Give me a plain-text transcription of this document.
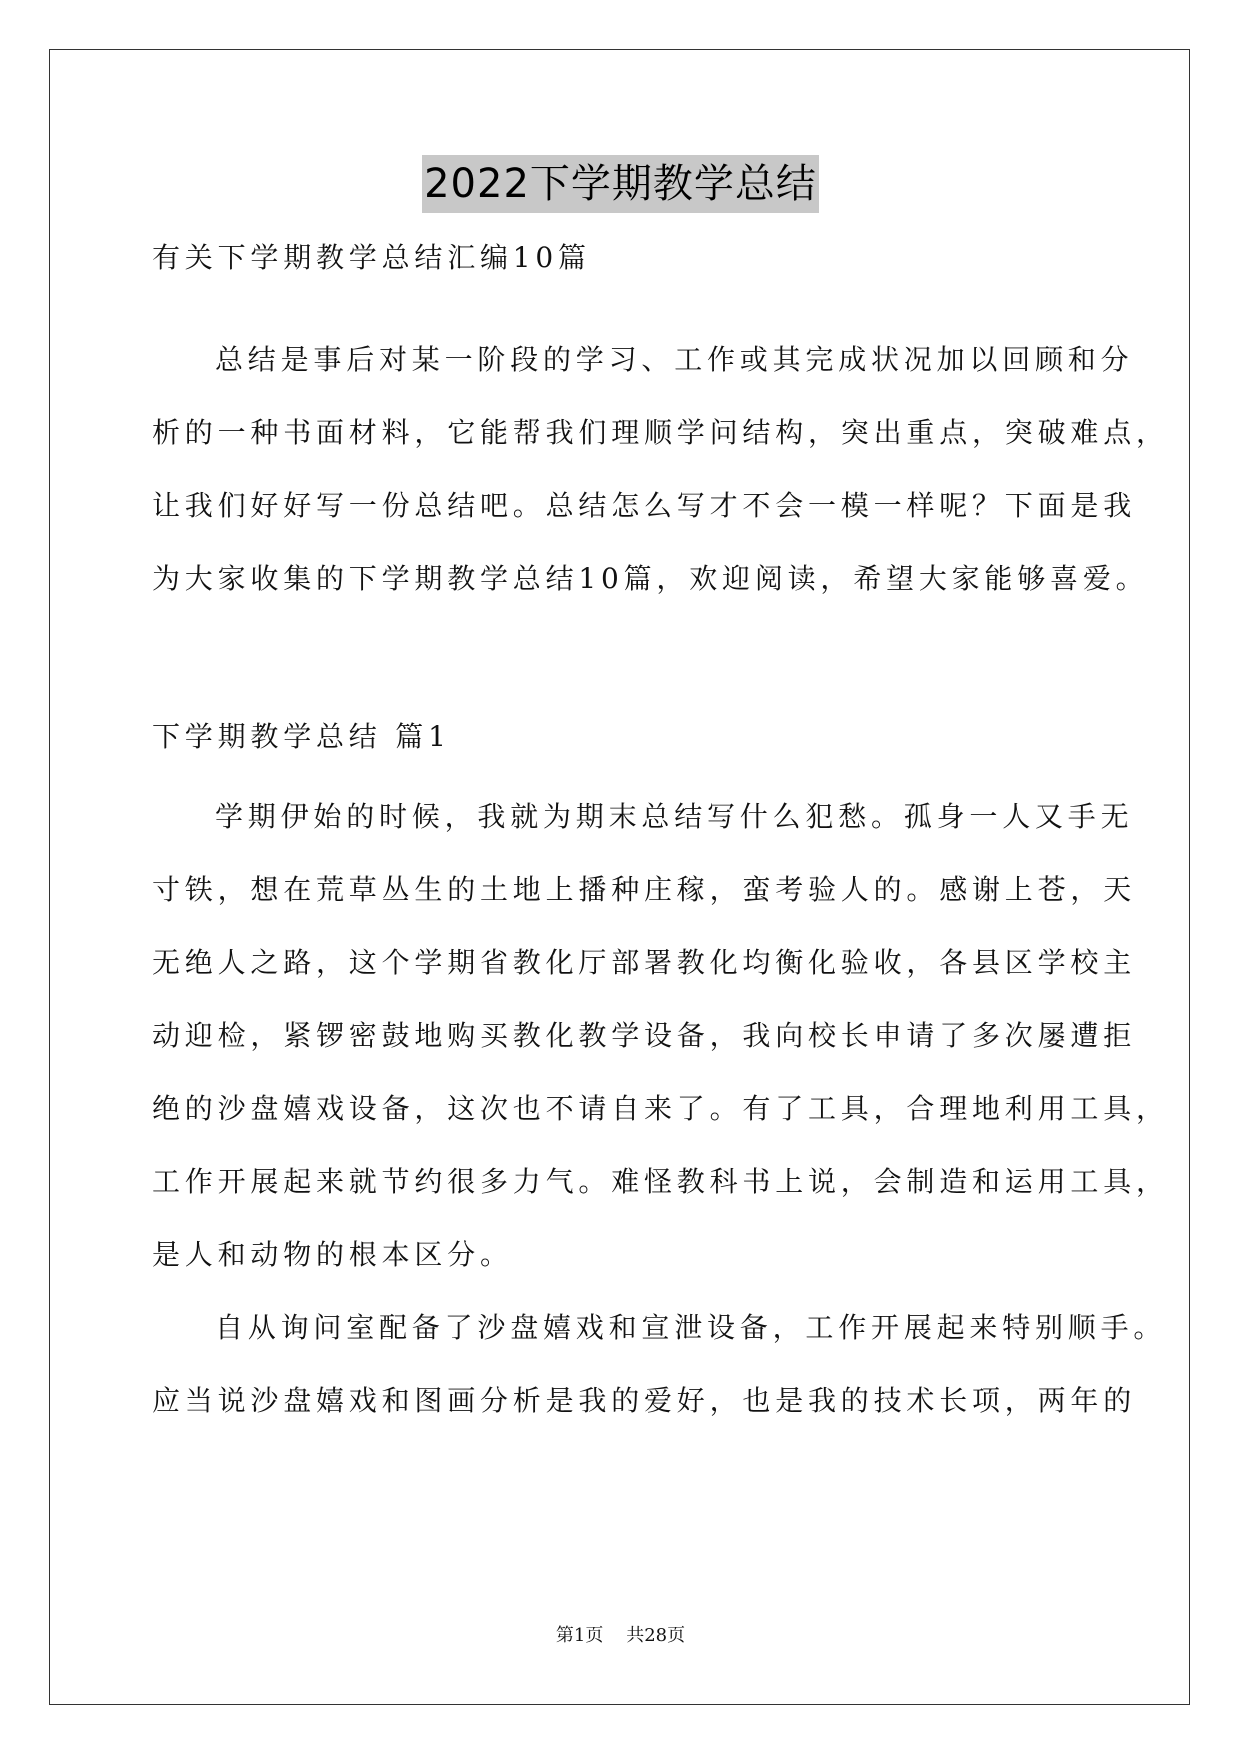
2022下学期教学总结

有关下学期教学总结汇编10篇

总结是事后对某一阶段的学习、工作或其完成状况加以回顾和分

析的一种书面材料，它能帮我们理顺学问结构，突出重点，突破难点，

让我们好好写一份总结吧。总结怎么写才不会一模一样呢？下面是我

为大家收集的下学期教学总结10篇，欢迎阅读，希望大家能够喜爱。

下学期教学总结 篇1

学期伊始的时候，我就为期末总结写什么犯愁。孤身一人又手无

寸铁，想在荒草丛生的土地上播种庄稼，蛮考验人的。感谢上苍，天

无绝人之路，这个学期省教化厅部署教化均衡化验收，各县区学校主

动迎检，紧锣密鼓地购买教化教学设备，我向校长申请了多次屡遭拒

绝的沙盘嬉戏设备，这次也不请自来了。有了工具，合理地利用工具，

工作开展起来就节约很多力气。难怪教科书上说，会制造和运用工具，

是人和动物的根本区分。

自从询问室配备了沙盘嬉戏和宣泄设备，工作开展起来特别顺手。

应当说沙盘嬉戏和图画分析是我的爱好，也是我的技术长项，两年的

第1页 共28页
